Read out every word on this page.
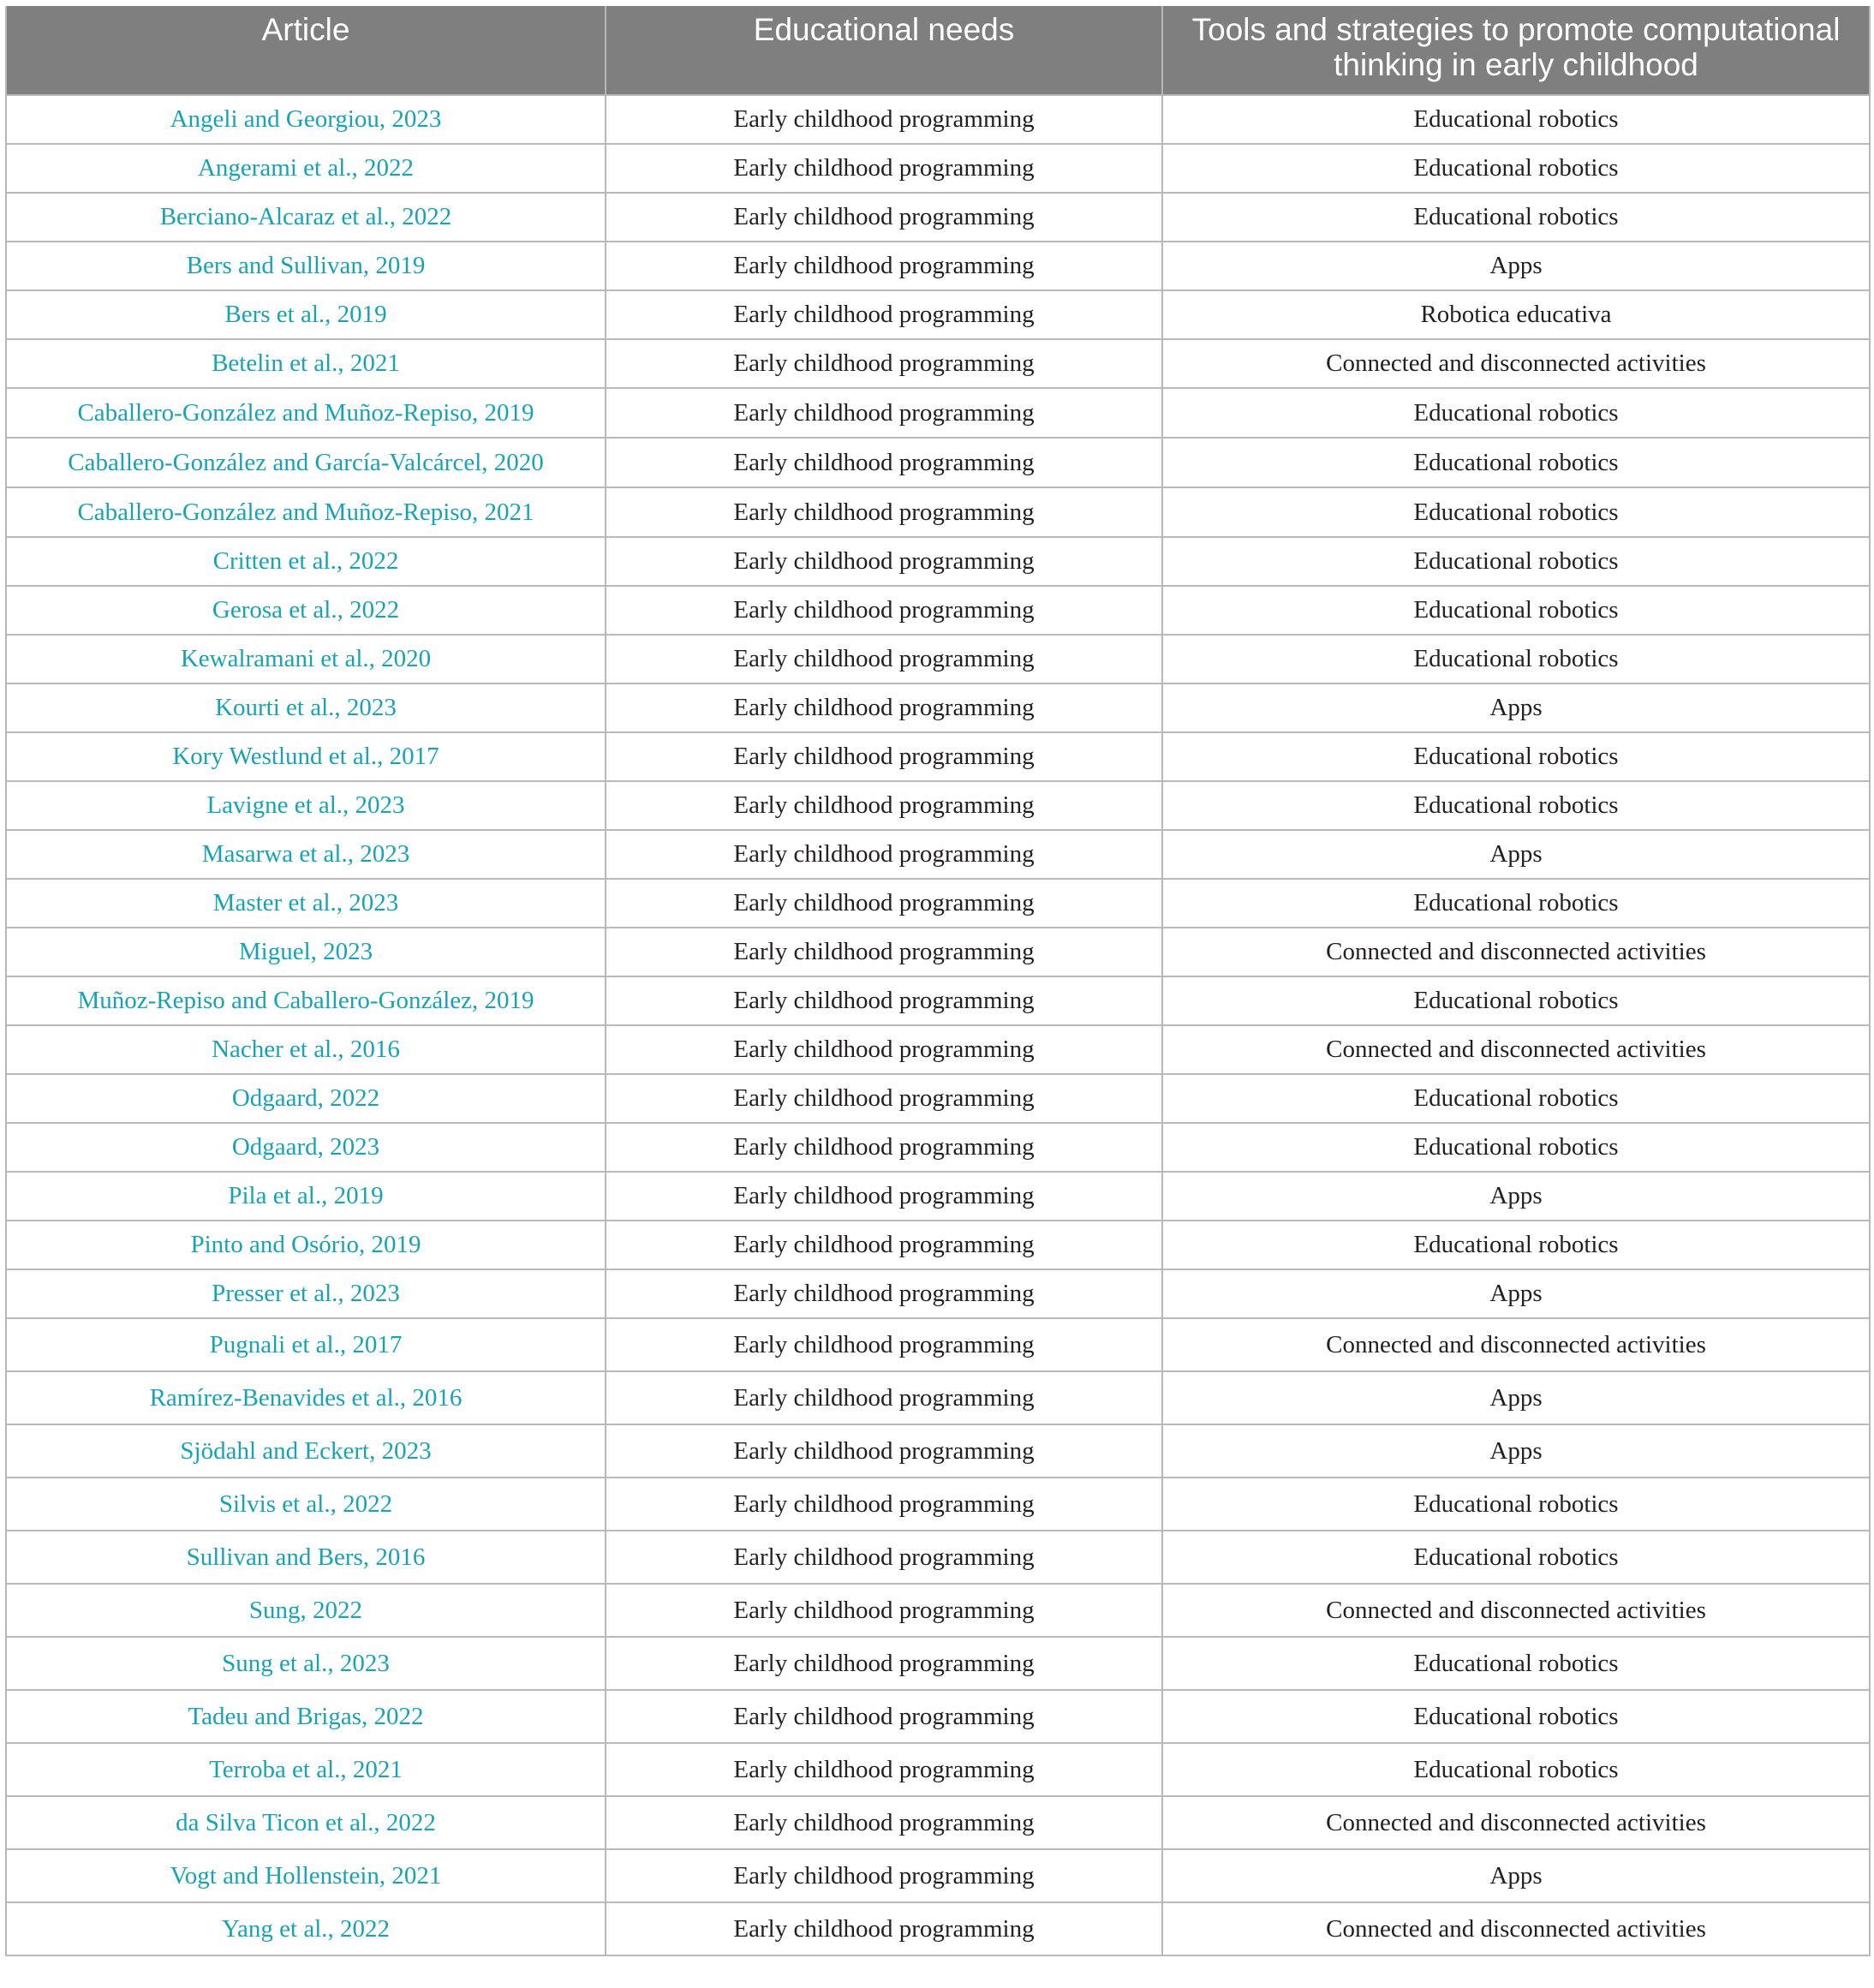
Article	Educational needs	Tools and strategies to promote computational thinking in early childhood
Angeli and Georgiou, 2023	Early childhood programming	Educational robotics
Angerami et al., 2022	Early childhood programming	Educational robotics
Berciano-Alcaraz et al., 2022	Early childhood programming	Educational robotics
Bers and Sullivan, 2019	Early childhood programming	Apps
Bers et al., 2019	Early childhood programming	Robotica educativa
Betelin et al., 2021	Early childhood programming	Connected and disconnected activities
Caballero-González and Muñoz-Repiso, 2019	Early childhood programming	Educational robotics
Caballero-González and García-Valcárcel, 2020	Early childhood programming	Educational robotics
Caballero-González and Muñoz-Repiso, 2021	Early childhood programming	Educational robotics
Critten et al., 2022	Early childhood programming	Educational robotics
Gerosa et al., 2022	Early childhood programming	Educational robotics
Kewalramani et al., 2020	Early childhood programming	Educational robotics
Kourti et al., 2023	Early childhood programming	Apps
Kory Westlund et al., 2017	Early childhood programming	Educational robotics
Lavigne et al., 2023	Early childhood programming	Educational robotics
Masarwa et al., 2023	Early childhood programming	Apps
Master et al., 2023	Early childhood programming	Educational robotics
Miguel, 2023	Early childhood programming	Connected and disconnected activities
Muñoz-Repiso and Caballero-González, 2019	Early childhood programming	Educational robotics
Nacher et al., 2016	Early childhood programming	Connected and disconnected activities
Odgaard, 2022	Early childhood programming	Educational robotics
Odgaard, 2023	Early childhood programming	Educational robotics
Pila et al., 2019	Early childhood programming	Apps
Pinto and Osório, 2019	Early childhood programming	Educational robotics
Presser et al., 2023	Early childhood programming	Apps
Pugnali et al., 2017	Early childhood programming	Connected and disconnected activities
Ramírez-Benavides et al., 2016	Early childhood programming	Apps
Sjödahl and Eckert, 2023	Early childhood programming	Apps
Silvis et al., 2022	Early childhood programming	Educational robotics
Sullivan and Bers, 2016	Early childhood programming	Educational robotics
Sung, 2022	Early childhood programming	Connected and disconnected activities
Sung et al., 2023	Early childhood programming	Educational robotics
Tadeu and Brigas, 2022	Early childhood programming	Educational robotics
Terroba et al., 2021	Early childhood programming	Educational robotics
da Silva Ticon et al., 2022	Early childhood programming	Connected and disconnected activities
Vogt and Hollenstein, 2021	Early childhood programming	Apps
Yang et al., 2022	Early childhood programming	Connected and disconnected activities
